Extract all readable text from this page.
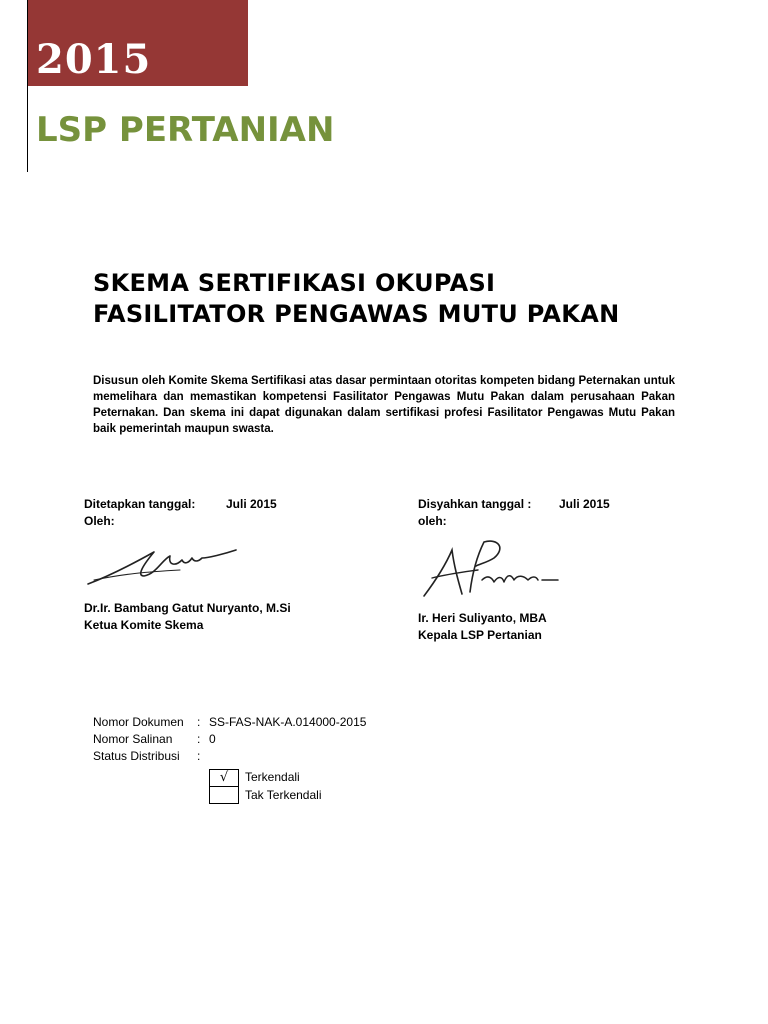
2015
LSP PERTANIAN
SKEMA SERTIFIKASI OKUPASI
FASILITATOR PENGAWAS MUTU PAKAN
Disusun oleh Komite Skema Sertifikasi atas dasar permintaan otoritas kompeten bidang Peternakan untuk memelihara dan memastikan kompetensi Fasilitator Pengawas Mutu Pakan dalam perusahaan Pakan Peternakan. Dan skema ini dapat digunakan dalam sertifikasi profesi Fasilitator Pengawas Mutu Pakan baik pemerintah maupun swasta.
Ditetapkan tanggal:	Juli 2015
Oleh:
Dr.Ir. Bambang Gatut Nuryanto, M.Si
Ketua Komite Skema
Disyahkan tanggal :	Juli 2015
oleh:
Ir. Heri Suliyanto, MBA
Kepala LSP Pertanian
Nomor Dokumen	: SS-FAS-NAK-A.014000-2015
Nomor Salinan	: 0
Status Distribusi	:
√	Terkendali
Tak Terkendali
